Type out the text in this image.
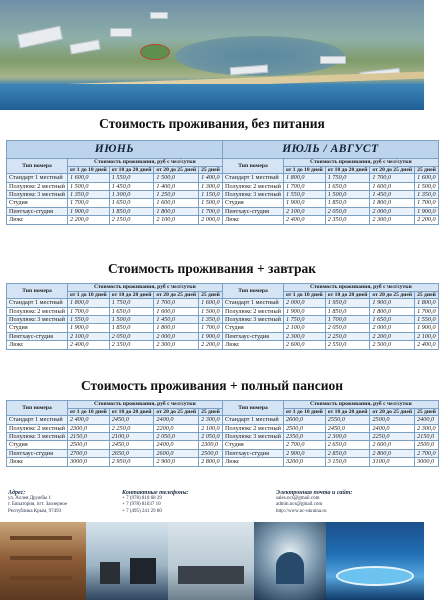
Стоимость проживания, без питания
ИЮНЬ				
Тип номера	Стоимость проживания, руб с чел/сутки			
	от 1 до 10 дней	от 10 до 20 дней	от 20 до 25 дней	25 дней
Стандарт 1 местный	1 600,0	1 550,0	1 500,0	1 400,0
Полулюкс 2 местный	1 500,0	1 450,0	1 400,0	1 300,0
Полулюкс 3 местный	1 350,0	1 300,0	1 250,0	1 150,0
Студия	1 700,0	1 650,0	1 600,0	1 500,0
Пентхаус-студия	1 900,0	1 850,0	1 800,0	1 700,0
Люкс	2 200,0	2 150,0	2 100,0	2 000,0
ИЮЛЬ / АВГУСТ				
Тип номера	Стоимость проживания, руб с чел/сутки			
	от 1 до 10 дней	от 10 до 20 дней	от 20 до 25 дней	25 дней
Стандарт 1 местный	1 800,0	1 750,0	1 700,0	1 600,0
Полулюкс 2 местный	1 700,0	1 650,0	1 600,0	1 500,0
Полулюкс 3 местный	1 550,0	1 500,0	1 450,0	1 350,0
Студия	1 900,0	1 850,0	1 800,0	1 700,0
Пентхаус-студия	2 100,0	2 050,0	2 000,0	1 900,0
Люкс	2 400,0	2 350,0	2 300,0	2 200,0
Стоимость проживания + завтрак
Тип номера	Стоимость проживания, руб с чел/сутки			
	от 1 до 10 дней	от 10 до 20 дней	от 20 до 25 дней	25 дней
Стандарт 1 местный	1 800,0	1 750,0	1 700,0	1 600,0
Полулюкс 2 местный	1 700,0	1 650,0	1 600,0	1 500,0
Полулюкс 3 местный	1 550,0	1 500,0	1 450,0	1 350,0
Студия	1 900,0	1 850,0	1 800,0	1 700,0
Пентхаус-студия	2 100,0	2 050,0	2 000,0	1 900,0
Люкс	2 400,0	2 350,0	2 300,0	2 200,0
Тип номера	Стоимость проживания, руб с чел/сутки			
	от 1 до 10 дней	от 10 до 20 дней	от 20 до 25 дней	25 дней
Стандарт 1 местный	2 000,0	1 950,0	1 900,0	1 800,0
Полулюкс 2 местный	1 900,0	1 850,0	1 800,0	1 700,0
Полулюкс 3 местный	1 750,0	1 700,0	1 650,0	1 550,0
Студия	2 100,0	2 050,0	2 000,0	1 900,0
Пентхаус-студия	2 300,0	2 250,0	2 200,0	2 100,0
Люкс	2 600,0	2 550,0	2 500,0	2 400,0
Стоимость проживания + полный пансион
Тип номера	Стоимость проживания, руб с чел/сутки			
	от 1 до 10 дней	от 10 до 20 дней	от 20 до 25 дней	25 дней
Стандарт 1 местный	2 400,0	2450,0	2400,0	2 300,0
Полулюкс 2 местный	2300,0	2 250,0	2200,0	2 100,0
Полулюкс 3 местный	2150,0	2100,0	2 050,0	2 050,0
Студия	2500,0	2450,0	2400,0	2300,0
Пентхаус-студия	2700,0	2650,0	2600,0	2500,0
Люкс	3000,0	2 950,0	2 900,0	2 800,0
Тип номера	Стоимость проживания, руб с чел/сутки			
	от 1 до 10 дней	от 10 до 20 дней	от 20 до 25 дней	25 дней
Стандарт 1 местный	2600,0	2550,0	2500,0	2400,0
Полулюкс 2 местный	2500,0	2450,0	2400,0	2 300,0
Полулюкс 3 местный	2350,0	2 300,0	2250,0	2150,0
Студия	2 700,0	2 650,0	2 600,0	2500,0
Пентхаус-студия	2 900,0	2 850,0	2 800,0	2 700,0
Люкс	3200,0	3 150,0	3100,0	3000,0
Адрес:
ул. Аллея Дружбы 1
г. Евпатория, пгт. Заозерное
Республика Крым, 97493
Контактные телефоны:
+ 7 (978) 810 68 29
+ 7 (978) 81037 10
+ 7 (495) 241 29 80
Электронная почта и сайт:
sales.ncs@gmail.com
admin.ncs@gmail.com
http://www.nc-ukraina.ru
